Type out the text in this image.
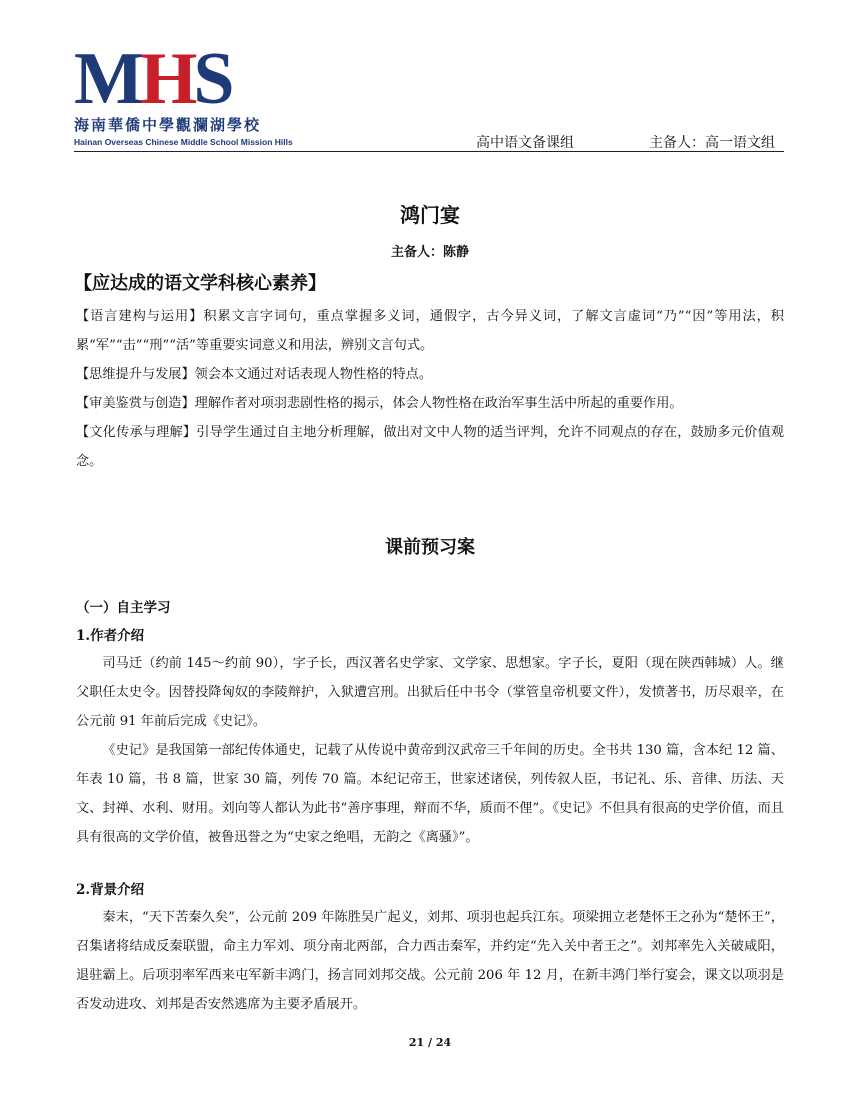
MHS
海南華僑中學觀瀾湖學校
Hainan Overseas Chinese Middle School Mission Hills	高中语文备课组	主备人：高一语文组
鸿门宴
主备人：陈静
【应达成的语文学科核心素养】
【语言建构与运用】积累文言字词句，重点掌握多义词，通假字，古今异义词，了解文言虚词“乃”“因”等用法，积累“军”“击”“刑”“活”等重要实词意义和用法，辨别文言句式。
【思维提升与发展】领会本文通过对话表现人物性格的特点。
【审美鉴赏与创造】理解作者对项羽悲剧性格的揭示，体会人物性格在政治军事生活中所起的重要作用。
【文化传承与理解】引导学生通过自主地分析理解，做出对文中人物的适当评判，允许不同观点的存在，鼓励多元价值观念。
课前预习案
（一）自主学习
1.作者介绍
司马迁（约前 145～约前 90），字子长，西汉著名史学家、文学家、思想家。字子长，夏阳（现在陕西韩城）人。继父职任太史令。因替投降匈奴的李陵辩护，入狱遭宫刑。出狱后任中书令（掌管皇帝机要文件），发愤著书，历尽艰辛，在公元前 91 年前后完成《史记》。
《史记》是我国第一部纪传体通史，记载了从传说中黄帝到汉武帝三千年间的历史。全书共 130 篇，含本纪 12 篇、年表 10 篇，书 8 篇，世家 30 篇，列传 70 篇。本纪记帝王，世家述诸侯，列传叙人臣，书记礼、乐、音律、历法、天文、封禅、水利、财用。刘向等人都认为此书“善序事理，辩而不华，质而不俚”。《史记》不但具有很高的史学价值，而且具有很高的文学价值，被鲁迅誉之为“史家之绝唱，无韵之《离骚》”。
2.背景介绍
秦末，“天下苦秦久矣”，公元前 209 年陈胜吴广起义，刘邦、项羽也起兵江东。项梁拥立老楚怀王之孙为“楚怀王”，召集诸将结成反秦联盟，命主力军刘、项分南北两部，合力西击秦军，并约定“先入关中者王之”。刘邦率先入关破咸阳，退驻霸上。后项羽率军西来屯军新丰鸿门，扬言同刘邦交战。公元前 206 年 12 月，在新丰鸿门举行宴会，课文以项羽是否发动进攻、刘邦是否安然逃席为主要矛盾展开。
21 / 24
